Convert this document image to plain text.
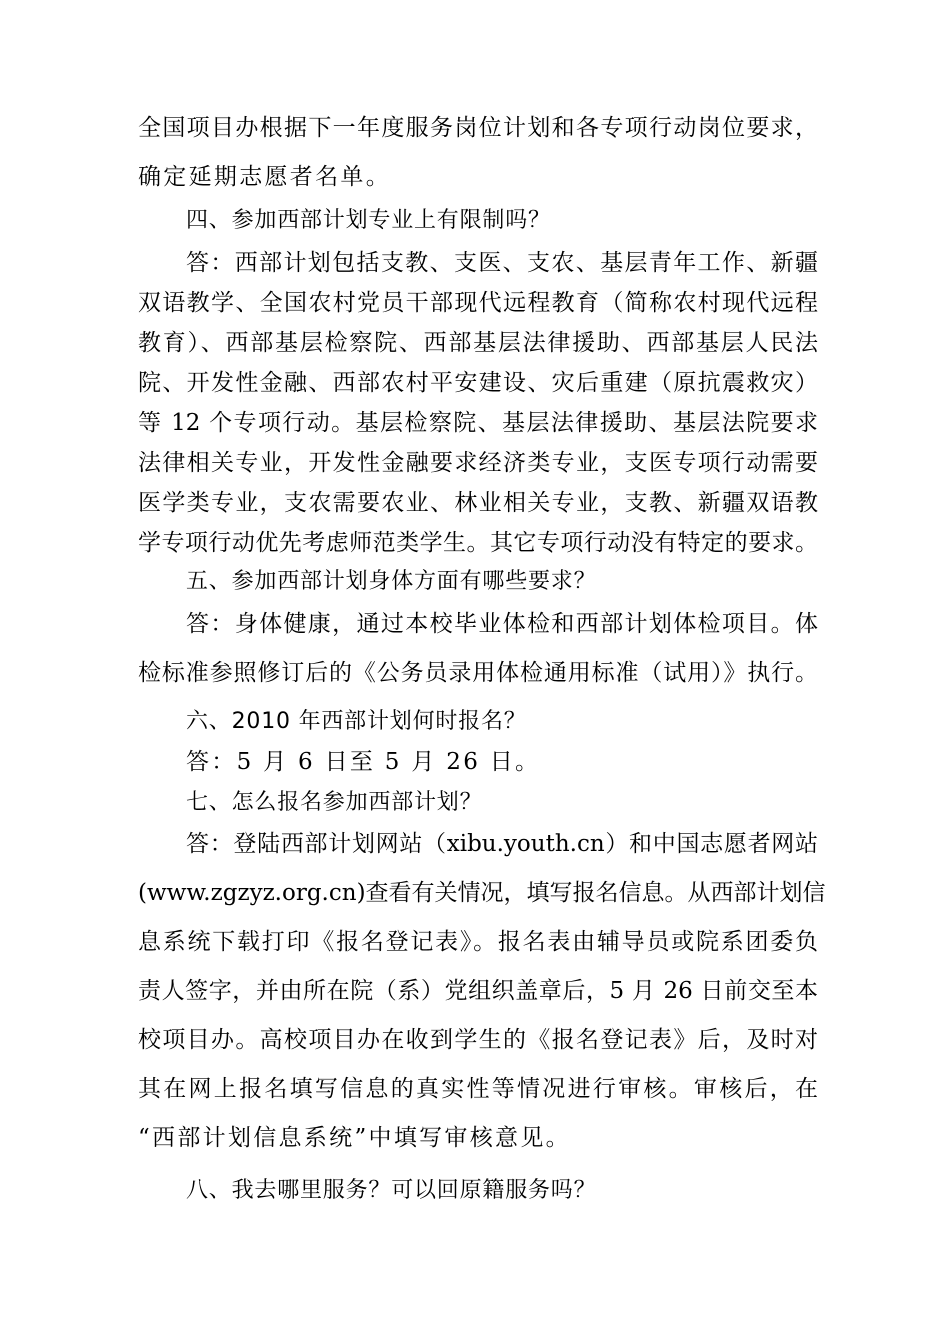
全国项目办根据下一年度服务岗位计划和各专项行动岗位要求，
确定延期志愿者名单。
四、参加西部计划专业上有限制吗？
答：西部计划包括支教、支医、支农、基层青年工作、新疆
双语教学、全国农村党员干部现代远程教育（简称农村现代远程
教育）、西部基层检察院、西部基层法律援助、西部基层人民法
院、开发性金融、西部农村平安建设、灾后重建（原抗震救灾）
等 12 个专项行动。基层检察院、基层法律援助、基层法院要求
法律相关专业，开发性金融要求经济类专业，支医专项行动需要
医学类专业，支农需要农业、林业相关专业，支教、新疆双语教
学专项行动优先考虑师范类学生。其它专项行动没有特定的要求。
五、参加西部计划身体方面有哪些要求？
答：身体健康，通过本校毕业体检和西部计划体检项目。体
检标准参照修订后的《公务员录用体检通用标准（试用）》执行。
六、2010 年西部计划何时报名？
答：5 月 6 日至 5 月 26 日。
七、怎么报名参加西部计划？
答：登陆西部计划网站（xibu.youth.cn）和中国志愿者网站
(www.zgzyz.org.cn)查看有关情况，填写报名信息。从西部计划信
息系统下载打印《报名登记表》。报名表由辅导员或院系团委负
责人签字，并由所在院（系）党组织盖章后，5 月 26 日前交至本
校项目办。高校项目办在收到学生的《报名登记表》后，及时对
其在网上报名填写信息的真实性等情况进行审核。审核后，在
“西部计划信息系统”中填写审核意见。
八、我去哪里服务？可以回原籍服务吗？
